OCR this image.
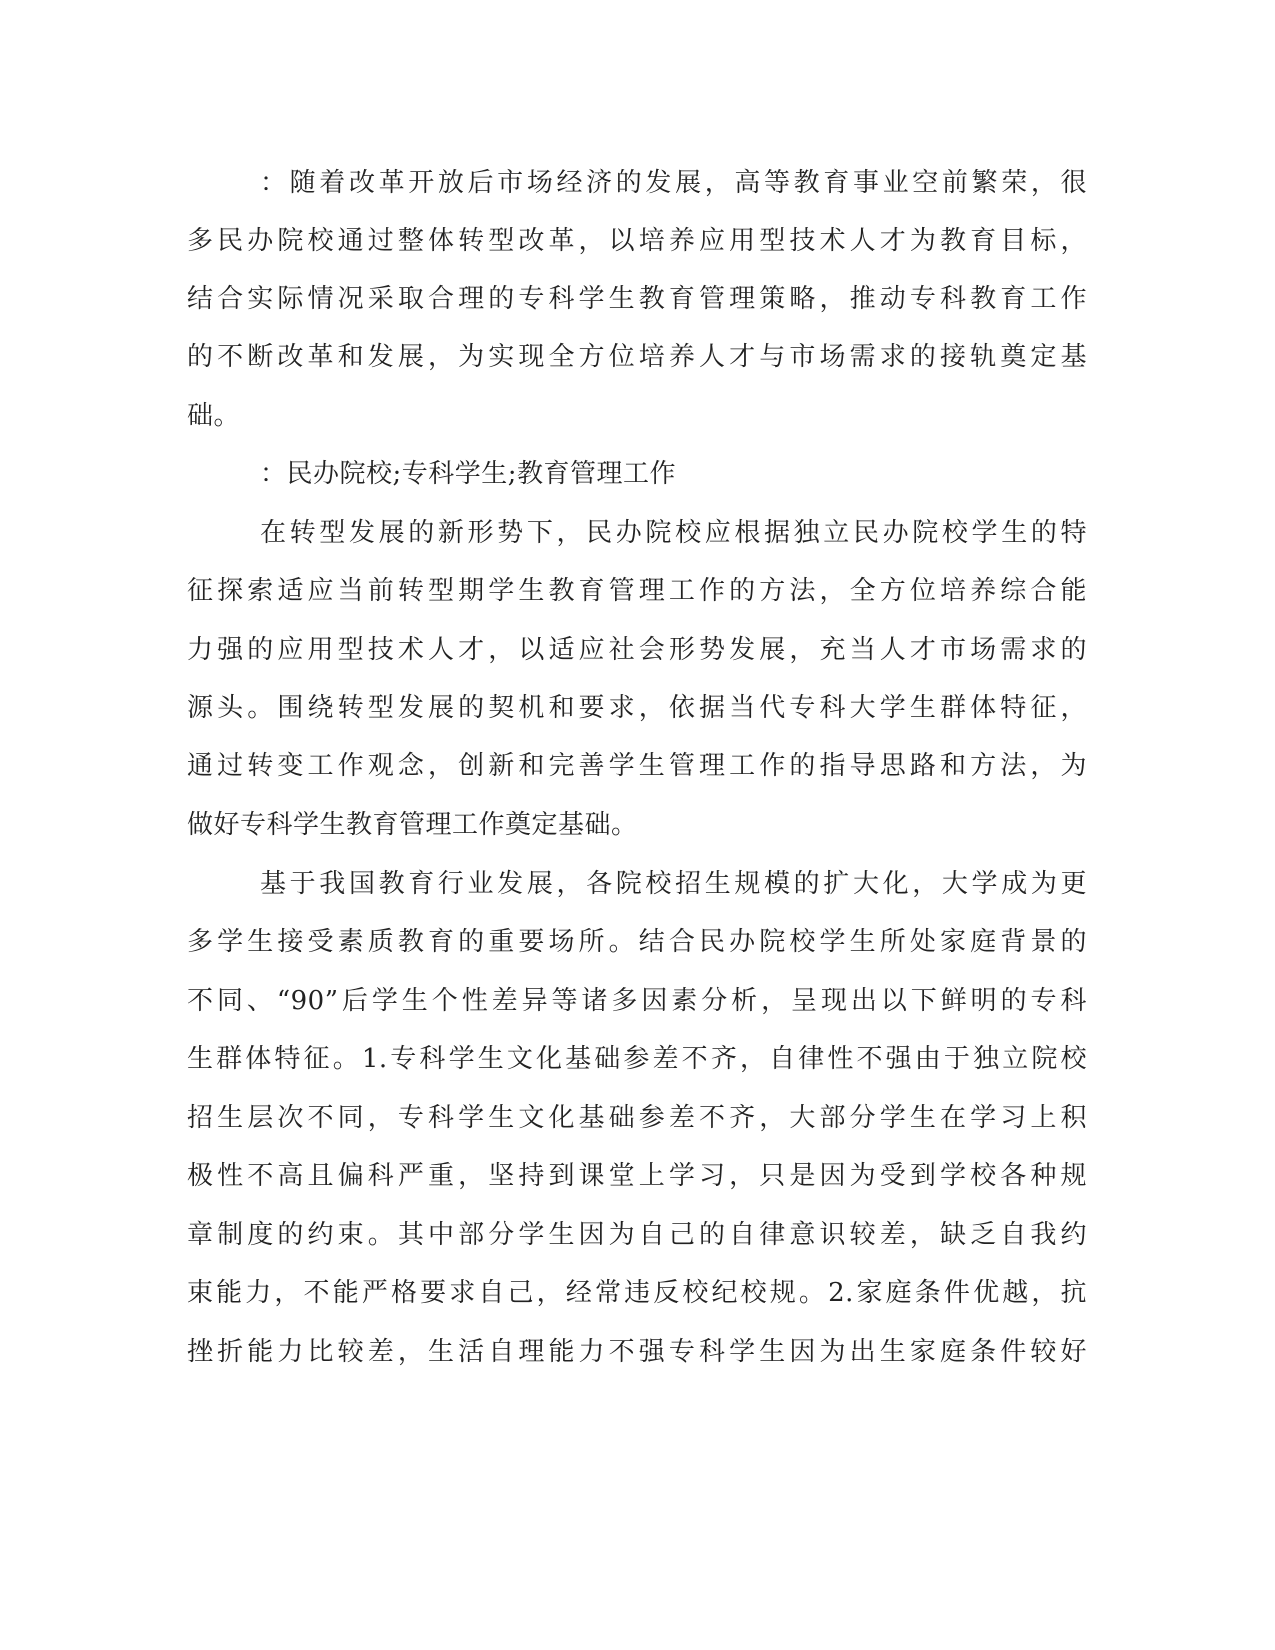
：随着改革开放后市场经济的发展，高等教育事业空前繁荣，很
多民办院校通过整体转型改革，以培养应用型技术人才为教育目标，
结合实际情况采取合理的专科学生教育管理策略，推动专科教育工作
的不断改革和发展，为实现全方位培养人才与市场需求的接轨奠定基
础。
：民办院校;专科学生;教育管理工作
在转型发展的新形势下，民办院校应根据独立民办院校学生的特
征探索适应当前转型期学生教育管理工作的方法，全方位培养综合能
力强的应用型技术人才，以适应社会形势发展，充当人才市场需求的
源头。围绕转型发展的契机和要求，依据当代专科大学生群体特征，
通过转变工作观念，创新和完善学生管理工作的指导思路和方法，为
做好专科学生教育管理工作奠定基础。
基于我国教育行业发展，各院校招生规模的扩大化，大学成为更
多学生接受素质教育的重要场所。结合民办院校学生所处家庭背景的
不同、“90”后学生个性差异等诸多因素分析，呈现出以下鲜明的专科
生群体特征。1.专科学生文化基础参差不齐，自律性不强由于独立院校
招生层次不同，专科学生文化基础参差不齐，大部分学生在学习上积
极性不高且偏科严重，坚持到课堂上学习，只是因为受到学校各种规
章制度的约束。其中部分学生因为自己的自律意识较差，缺乏自我约
束能力，不能严格要求自己，经常违反校纪校规。2.家庭条件优越，抗
挫折能力比较差，生活自理能力不强专科学生因为出生家庭条件较好
